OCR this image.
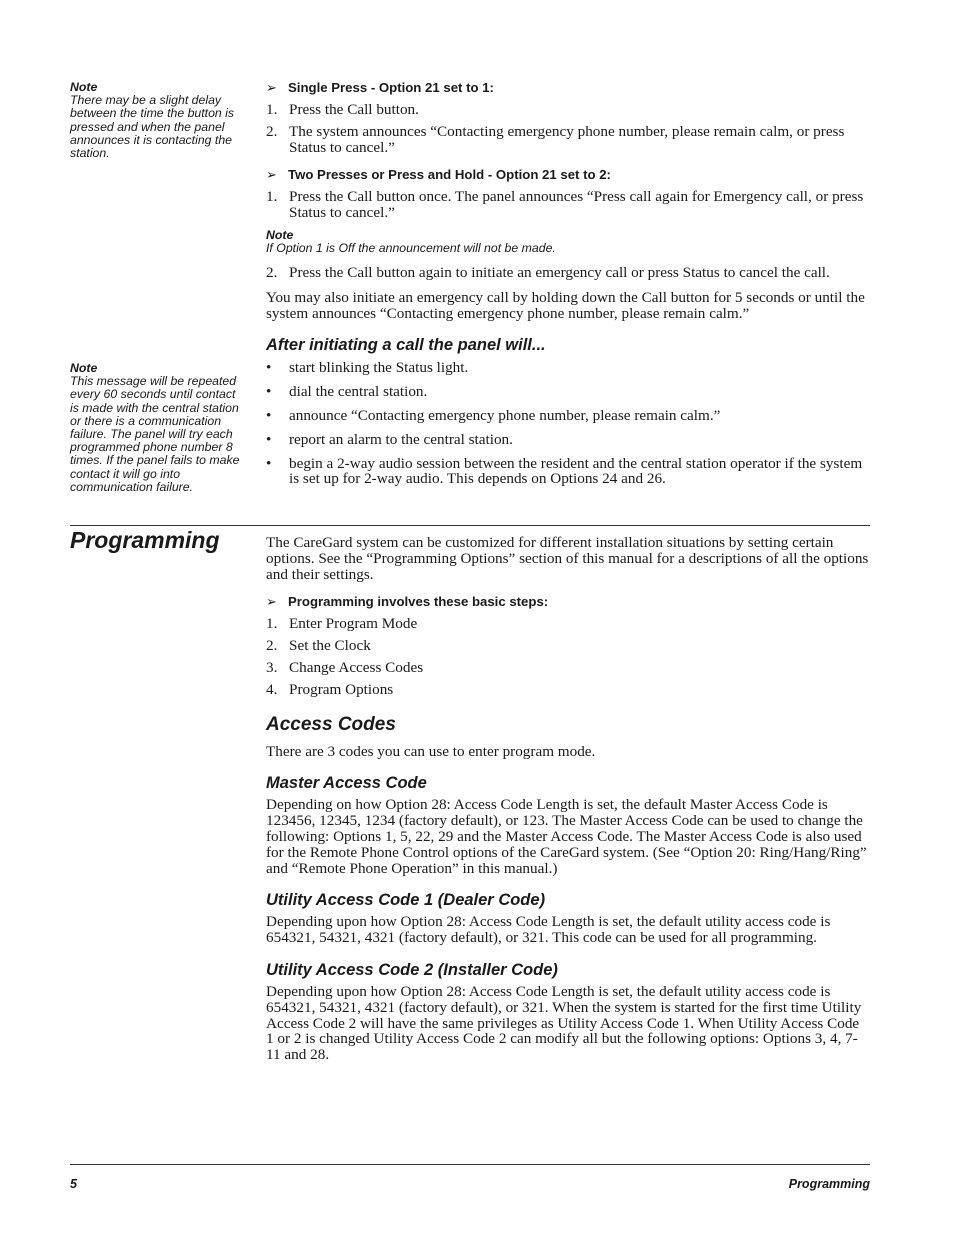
Note
There may be a slight delay between the time the button is pressed and when the panel announces it is contacting the station.
Note
This message will be repeated every 60 seconds until contact is made with the central station or there is a communication failure. The panel will try each programmed phone number 8 times. If the panel fails to make contact it will go into communication failure.
➢ Single Press - Option 21 set to 1:
1. Press the Call button.
2. The system announces “Contacting emergency phone number, please remain calm, or press Status to cancel.”
➢ Two Presses or Press and Hold - Option 21 set to 2:
1. Press the Call button once. The panel announces “Press call again for Emergency call, or press Status to cancel.”
Note
If Option 1 is Off the announcement will not be made.
2. Press the Call button again to initiate an emergency call or press Status to cancel the call.
You may also initiate an emergency call by holding down the Call button for 5 seconds or until the system announces “Contacting emergency phone number, please remain calm.”
After initiating a call the panel will...
• start blinking the Status light.
• dial the central station.
• announce “Contacting emergency phone number, please remain calm.”
• report an alarm to the central station.
• begin a 2-way audio session between the resident and the central station operator if the system is set up for 2-way audio. This depends on Options 24 and 26.
Programming	The CareGard system can be customized for different installation situations by setting certain options. See the “Programming Options” section of this manual for a descriptions of all the options and their settings.
➢ Programming involves these basic steps:
1. Enter Program Mode
2. Set the Clock
3. Change Access Codes
4. Program Options
Access Codes
There are 3 codes you can use to enter program mode.
Master Access Code
Depending on how Option 28: Access Code Length is set, the default Master Access Code is 123456, 12345, 1234 (factory default), or 123. The Master Access Code can be used to change the following: Options 1, 5, 22, 29 and the Master Access Code. The Master Access Code is also used for the Remote Phone Control options of the CareGard system. (See “Option 20: Ring/Hang/Ring” and “Remote Phone Operation” in this manual.)
Utility Access Code 1 (Dealer Code)
Depending upon how Option 28: Access Code Length is set, the default utility access code is 654321, 54321, 4321 (factory default), or 321. This code can be used for all programming.
Utility Access Code 2 (Installer Code)
Depending upon how Option 28: Access Code Length is set, the default utility access code is 654321, 54321, 4321 (factory default), or 321. When the system is started for the first time Utility Access Code 2 will have the same privileges as Utility Access Code 1. When Utility Access Code 1 or 2 is changed Utility Access Code 2 can modify all but the following options: Options 3, 4, 7-11 and 28.
5	Programming
